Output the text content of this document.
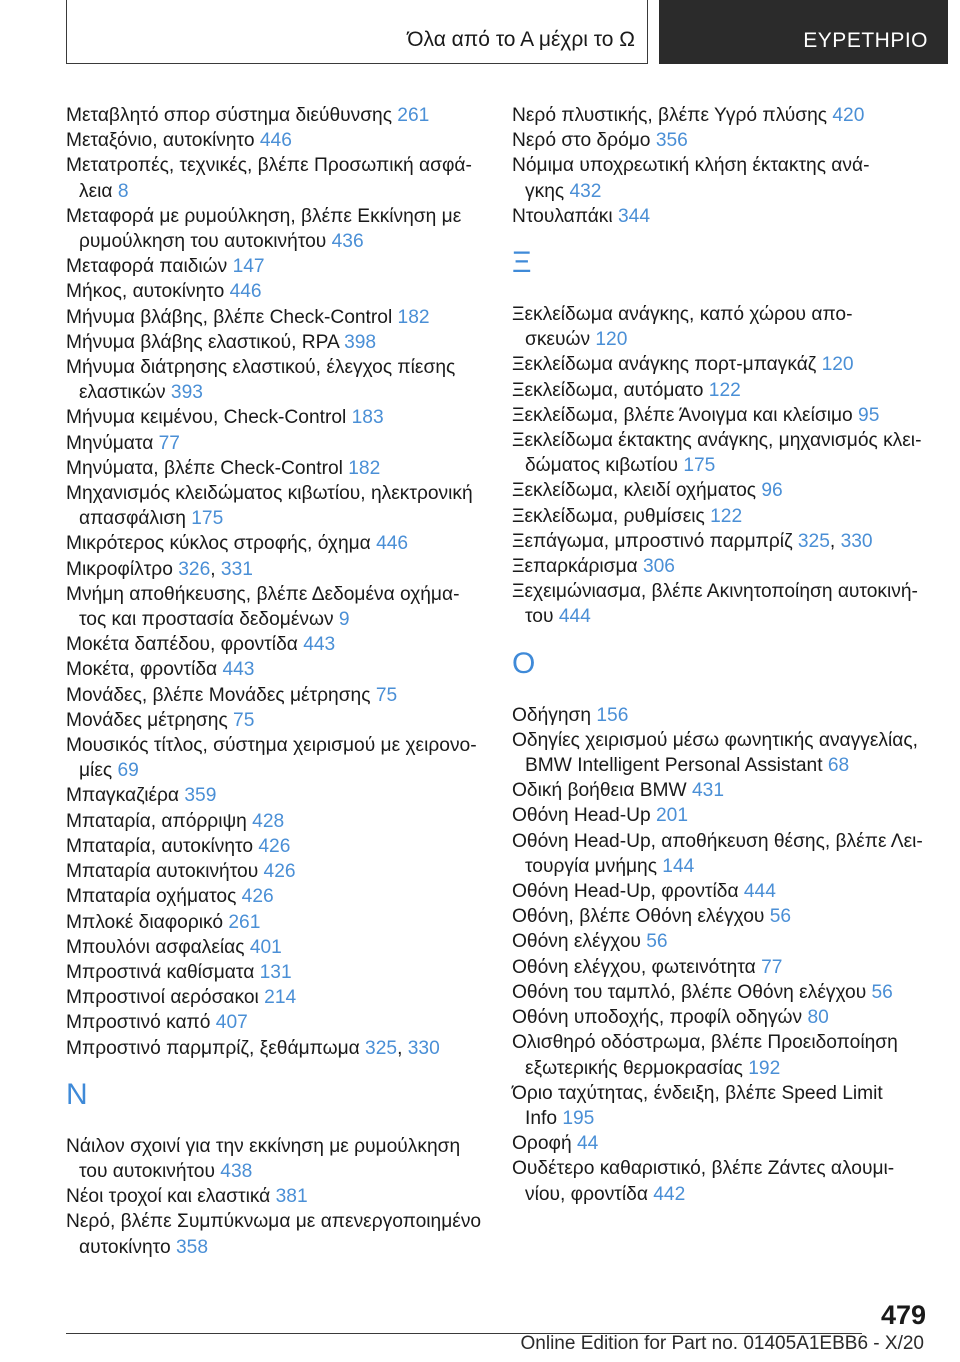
Όλα από το Α μέχρι το Ω	ΕΥΡΕΤΗΡΙΟ
Μεταβλητό σπορ σύστημα διεύθυνσης 261
Μεταξόνιο, αυτοκίνητο 446
Μετατροπές, τεχνικές, βλέπε Προσωπική ασφά-
λεια 8
Μεταφορά με ρυμούλκηση, βλέπε Εκκίνηση με
ρυμούλκηση του αυτοκινήτου 436
Μεταφορά παιδιών 147
Μήκος, αυτοκίνητο 446
Μήνυμα βλάβης, βλέπε Check-Control 182
Μήνυμα βλάβης ελαστικού, RPA 398
Μήνυμα διάτρησης ελαστικού, έλεγχος πίεσης
ελαστικών 393
Μήνυμα κειμένου, Check-Control 183
Μηνύματα 77
Μηνύματα, βλέπε Check-Control 182
Μηχανισμός κλειδώματος κιβωτίου, ηλεκτρονική
απασφάλιση 175
Μικρότερος κύκλος στροφής, όχημα 446
Μικροφίλτρο 326, 331
Μνήμη αποθήκευσης, βλέπε Δεδομένα οχήμα-
τος και προστασία δεδομένων 9
Μοκέτα δαπέδου, φροντίδα 443
Μοκέτα, φροντίδα 443
Μονάδες, βλέπε Μονάδες μέτρησης 75
Μονάδες μέτρησης 75
Μουσικός τίτλος, σύστημα χειρισμού με χειρονο-
μίες 69
Μπαγκαζιέρα 359
Μπαταρία, απόρριψη 428
Μπαταρία, αυτοκίνητο 426
Μπαταρία αυτοκινήτου 426
Μπαταρία οχήματος 426
Μπλοκέ διαφορικό 261
Μπουλόνι ασφαλείας 401
Μπροστινά καθίσματα 131
Μπροστινοί αερόσακοι 214
Μπροστινό καπό 407
Μπροστινό παρμπρίζ, ξεθάμπωμα 325, 330
Ν
Νάιλον σχοινί για την εκκίνηση με ρυμούλκηση
του αυτοκινήτου 438
Νέοι τροχοί και ελαστικά 381
Νερό, βλέπε Συμπύκνωμα με απενεργοποιημένο
αυτοκίνητο 358
Νερό πλυστικής, βλέπε Υγρό πλύσης 420
Νερό στο δρόμο 356
Νόμιμα υποχρεωτική κλήση έκτακτης ανά-
γκης 432
Ντουλαπάκι 344
Ξ
Ξεκλείδωμα ανάγκης, καπό χώρου απο-
σκευών 120
Ξεκλείδωμα ανάγκης πορτ-μπαγκάζ 120
Ξεκλείδωμα, αυτόματο 122
Ξεκλείδωμα, βλέπε Άνοιγμα και κλείσιμο 95
Ξεκλείδωμα έκτακτης ανάγκης, μηχανισμός κλει-
δώματος κιβωτίου 175
Ξεκλείδωμα, κλειδί οχήματος 96
Ξεκλείδωμα, ρυθμίσεις 122
Ξεπάγωμα, μπροστινό παρμπρίζ 325, 330
Ξεπαρκάρισμα 306
Ξεχειμώνιασμα, βλέπε Ακινητοποίηση αυτοκινή-
του 444
Ο
Οδήγηση 156
Οδηγίες χειρισμού μέσω φωνητικής αναγγελίας,
BMW Intelligent Personal Assistant 68
Οδική βοήθεια BMW 431
Οθόνη Head-Up 201
Οθόνη Head-Up, αποθήκευση θέσης, βλέπε Λει-
τουργία μνήμης 144
Οθόνη Head-Up, φροντίδα 444
Οθόνη, βλέπε Οθόνη ελέγχου 56
Οθόνη ελέγχου 56
Οθόνη ελέγχου, φωτεινότητα 77
Οθόνη του ταμπλό, βλέπε Οθόνη ελέγχου 56
Οθόνη υποδοχής, προφίλ οδηγών 80
Ολισθηρό οδόστρωμα, βλέπε Προειδοποίηση
εξωτερικής θερμοκρασίας 192
Όριο ταχύτητας, ένδειξη, βλέπε Speed Limit
Info 195
Οροφή 44
Ουδέτερο καθαριστικό, βλέπε Ζάντες αλουμι-
νίου, φροντίδα 442
479
Online Edition for Part no. 01405A1EBB6 - X/20
